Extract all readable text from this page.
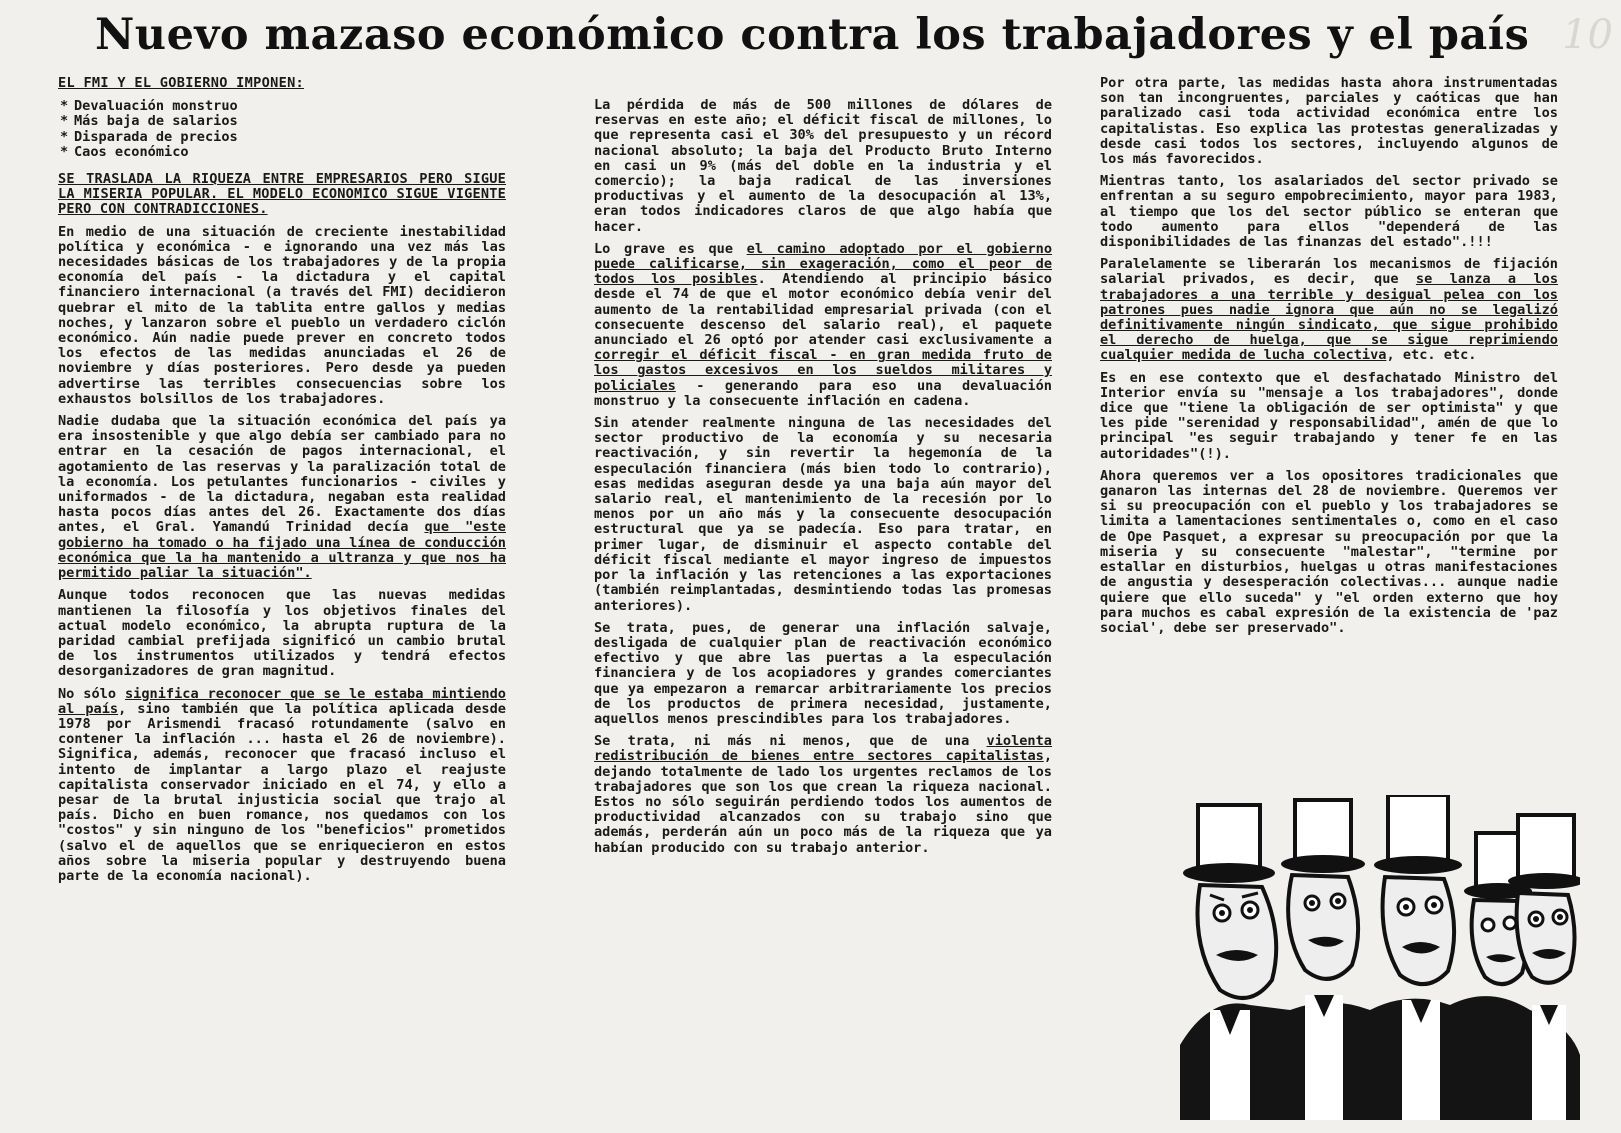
10
Nuevo mazaso económico contra los trabajadores y el país
EL FMI Y EL GOBIERNO IMPONEN:
* Devaluación monstruo
* Más baja de salarios
* Disparada de precios
* Caos económico

SE TRASLADA LA RIQUEZA ENTRE EMPRESARIOS PERO SIGUE LA MISERIA POPULAR. EL MODELO ECONOMICO SIGUE VIGENTE PERO CON CONTRADICCIONES.

En medio de una situación de creciente inestabilidad política y económica - e ignorando una vez más las necesidades básicas de los trabajadores y de la propia economía del país - la dictadura y el capital financiero internacional (a través del FMI) decidieron quebrar el mito de la tablita entre gallos y medias noches, y lanzaron sobre el pueblo un verdadero ciclón económico. Aún nadie puede prever en concreto todos los efectos de las medidas anunciadas el 26 de noviembre y días posteriores. Pero desde ya pueden advertirse las terribles consecuencias sobre los exhaustos bolsillos de los trabajadores.

Nadie dudaba que la situación económica del país ya era insostenible y que algo debía ser cambiado para no entrar en la cesación de pagos internacional, el agotamiento de las reservas y la paralización total de la economía. Los petulantes funcionarios - civiles y uniformados - de la dictadura, negaban esta realidad hasta pocos días antes del 26. Exactamente dos días antes, el Gral. Yamandú Trinidad decía que "este gobierno ha tomado o ha fijado una línea de conducción económica que la ha mantenido a ultranza y que nos ha permitido paliar la situación".

Aunque todos reconocen que las nuevas medidas mantienen la filosofía y los objetivos finales del actual modelo económico, la abrupta ruptura de la paridad cambial prefijada significó un cambio brutal de los instrumentos utilizados y tendrá efectos desorganizadores de gran magnitud.

No sólo significa reconocer que se le estaba mintiendo al país, sino también que la política aplicada desde 1978 por Arismendi fracasó rotundamente (salvo en contener la inflación ... hasta el 26 de noviembre). Significa, además, reconocer que fracasó incluso el intento de implantar a largo plazo el reajuste capitalista conservador iniciado en el 74, y ello a pesar de la brutal injusticia social que trajo al país. Dicho en buen romance, nos quedamos con los "costos" y sin ninguno de los "beneficios" prometidos (salvo el de aquellos que se enriquecieron en estos años sobre la miseria popular y destruyendo buena parte de la economía nacional).

La pérdida de más de 500 millones de dólares de reservas en este año; el déficit fiscal de millones, lo que representa casi el 30% del presupuesto y un récord nacional absoluto; la baja del Producto Bruto Interno en casi un 9% (más del doble en la industria y el comercio); la baja radical de las inversiones productivas y el aumento de la desocupación al 13%, eran todos indicadores claros de que algo había que hacer.

Lo grave es que el camino adoptado por el gobierno puede calificarse, sin exageración, como el peor de todos los posibles. Atendiendo al principio básico desde el 74 de que el motor económico debía venir del aumento de la rentabilidad empresarial privada (con el consecuente descenso del salario real), el paquete anunciado el 26 optó por atender casi exclusivamente a corregir el déficit fiscal - en gran medida fruto de los gastos excesivos en los sueldos militares y policiales - generando para eso una devaluación monstruo y la consecuente inflación en cadena.

Sin atender realmente ninguna de las necesidades del sector productivo de la economía y su necesaria reactivación, y sin revertir la hegemonía de la especulación financiera (más bien todo lo contrario), esas medidas aseguran desde ya una baja aún mayor del salario real, el mantenimiento de la recesión por lo menos por un año más y la consecuente desocupación estructural que ya se padecía. Eso para tratar, en primer lugar, de disminuir el aspecto contable del déficit fiscal mediante el mayor ingreso de impuestos por la inflación y las retenciones a las exportaciones (también reimplantadas, desmintiendo todas las promesas anteriores).

Se trata, pues, de generar una inflación salvaje, desligada de cualquier plan de reactivación económico efectivo y que abre las puertas a la especulación financiera y de los acopiadores y grandes comerciantes que ya empezaron a remarcar arbitrariamente los precios de los productos de primera necesidad, justamente, aquellos menos prescindibles para los trabajadores.

Se trata, ni más ni menos, que de una violenta redistribución de bienes entre sectores capitalistas, dejando totalmente de lado los urgentes reclamos de los trabajadores que son los que crean la riqueza nacional. Estos no sólo seguirán perdiendo todos los aumentos de productividad alcanzados con su trabajo sino que además, perderán aún un poco más de la riqueza que ya habían producido con su trabajo anterior.

Por otra parte, las medidas hasta ahora instrumentadas son tan incongruentes, parciales y caóticas que han paralizado casi toda actividad económica entre los capitalistas. Eso explica las protestas generalizadas y desde casi todos los sectores, incluyendo algunos de los más favorecidos.

Mientras tanto, los asalariados del sector privado se enfrentan a su seguro empobrecimiento, mayor para 1983, al tiempo que los del sector público se enteran que todo aumento para ellos "dependerá de las disponibilidades de las finanzas del estado".!!!

Paralelamente se liberarán los mecanismos de fijación salarial privados, es decir, que se lanza a los trabajadores a una terrible y desigual pelea con los patrones pues nadie ignora que aún no se legalizó definitivamente ningún sindicato, que sigue prohibido el derecho de huelga, que se sigue reprimiendo cualquier medida de lucha colectiva, etc. etc.

Es en ese contexto que el desfachatado Ministro del Interior envía su "mensaje a los trabajadores", donde dice que "tiene la obligación de ser optimista" y que les pide "serenidad y responsabilidad", amén de que lo principal "es seguir trabajando y tener fe en las autoridades"(!).

Ahora queremos ver a los opositores tradicionales que ganaron las internas del 28 de noviembre. Queremos ver si su preocupación con el pueblo y los trabajadores se limita a lamentaciones sentimentales o, como en el caso de Ope Pasquet, a expresar su preocupación por que la miseria y su consecuente "malestar", "termine por estallar en disturbios, huelgas u otras manifestaciones de angustia y desesperación colectivas... aunque nadie quiere que ello suceda" y "el orden externo que hoy para muchos es cabal expresión de la existencia de 'paz social', debe ser preservado".
